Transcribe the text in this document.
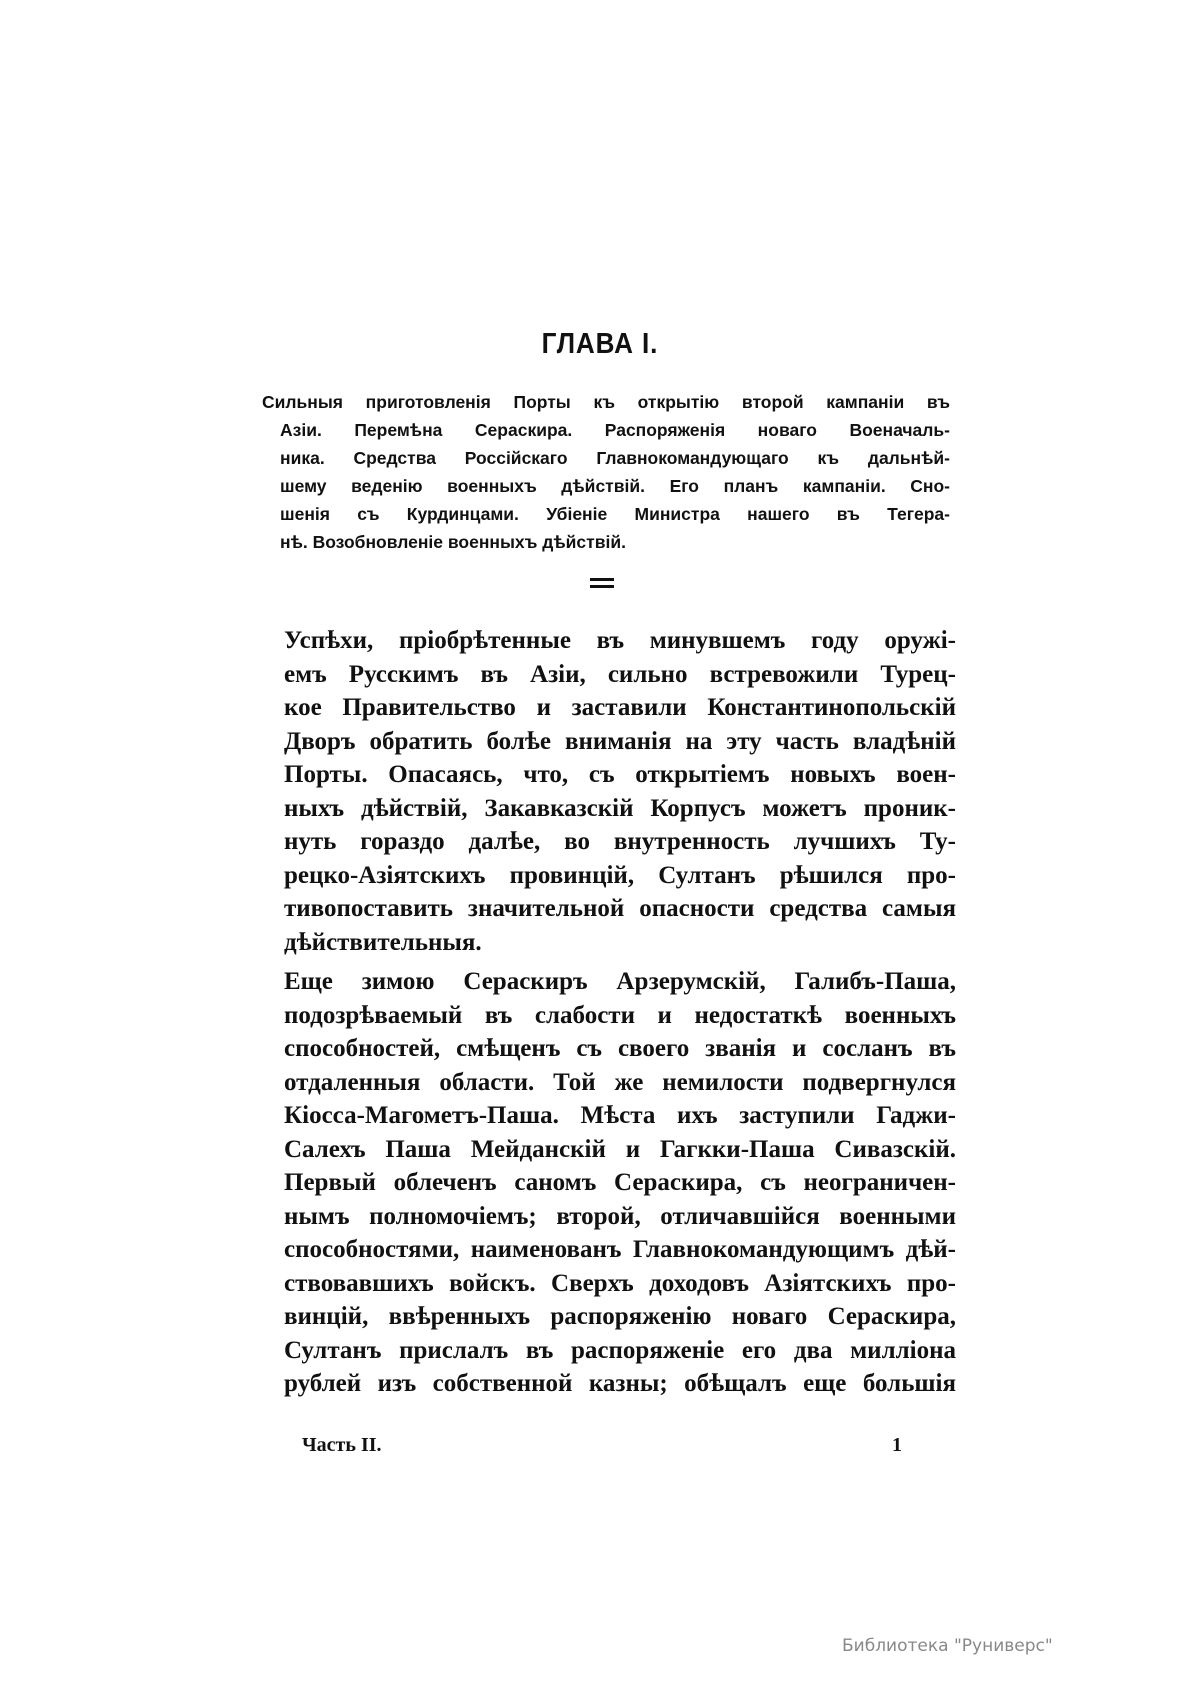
ГЛАВА I.
Сильныя приготовленія Порты къ открытію второй кампаніи въ
Азіи. Перемѣна Сераскира. Распоряженія новаго Военачаль-
ника. Средства Россійскаго Главнокомандующаго къ дальнѣй-
шему веденію военныхъ дѣйствій. Его планъ кампаніи. Сно-
шенія съ Курдинцами. Убіеніе Министра нашего въ Тегера-
нѣ. Возобновленіе военныхъ дѣйствій.
Успѣхи, пріобрѣтенные въ минувшемъ году оружі-
емъ Русскимъ въ Азіи, сильно встревожили Турец-
кое Правительство и заставили Константинопольскій
Дворъ обратить болѣе вниманія на эту часть владѣній
Порты. Опасаясь, что, съ открытіемъ новыхъ воен-
ныхъ дѣйствій, Закавказскій Корпусъ можетъ проник-
нуть гораздо далѣе, во внутренность лучшихъ Ту-
рецко-Азіятскихъ провинцій, Султанъ рѣшился про-
тивопоставить значительной опасности средства самыя
дѣйствительныя.
Еще зимою Сераскиръ Арзерумскій, Галибъ-Паша,
подозрѣваемый въ слабости и недостаткѣ военныхъ
способностей, смѣщенъ съ своего званія и сосланъ въ
отдаленныя области. Той же немилости подвергнулся
Кіосса-Магометъ-Паша. Мѣста ихъ заступили Гаджи-
Салехъ Паша Мейданскій и Гагкки-Паша Сивазскій.
Первый облеченъ саномъ Сераскира, съ неограничен-
нымъ полномочіемъ; второй, отличавшійся военными
способностями, наименованъ Главнокомандующимъ дѣй-
ствовавшихъ войскъ. Сверхъ доходовъ Азіятскихъ про-
винцій, ввѣренныхъ распоряженію новаго Сераскира,
Султанъ прислалъ въ распоряженіе его два милліона
рублей изъ собственной казны; обѣщалъ еще большія
Часть II.	1
Библиотека "Руниверс"
